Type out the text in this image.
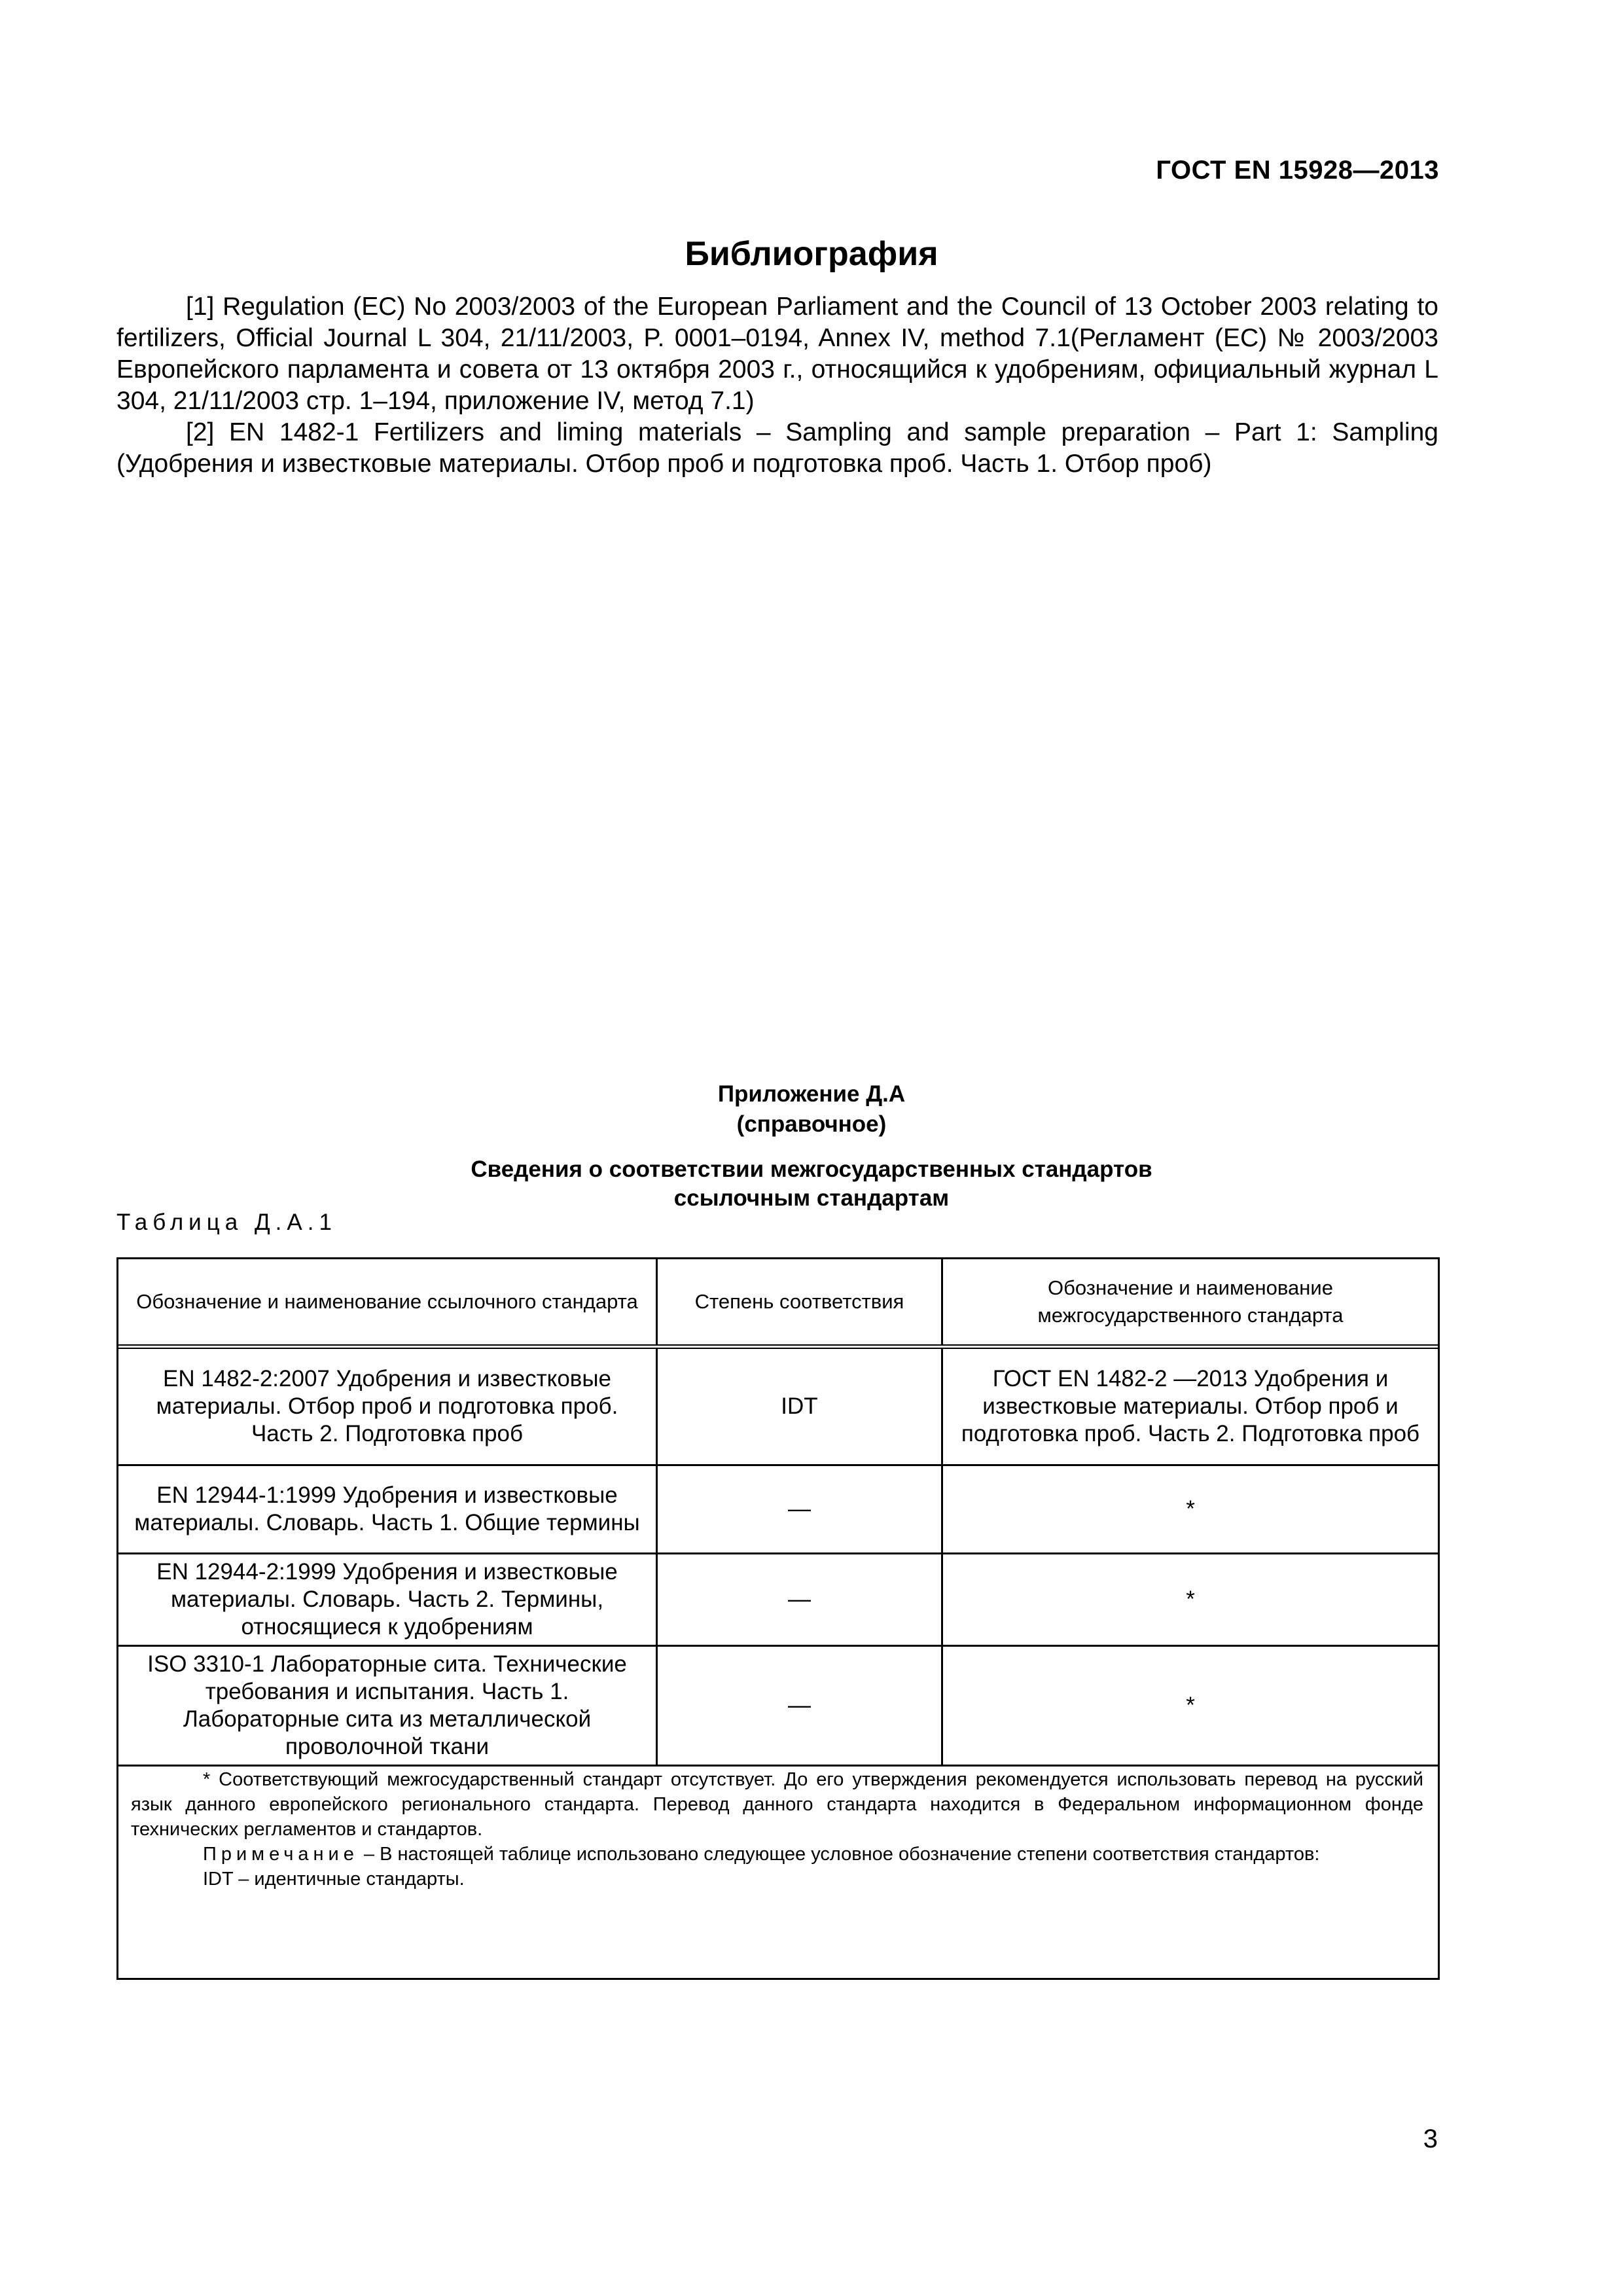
ГОСТ EN 15928—2013
Библиография

[1] Regulation (EC) No 2003/2003 of the European Parliament and the Council of 13 October 2003 relating to fertilizers, Official Journal L 304, 21/11/2003, P. 0001–0194, Annex IV, method 7.1(Регламент (ЕС) № 2003/2003 Европейского парламента и совета от 13 октября 2003 г., относящийся к удобрениям, официальный журнал L 304, 21/11/2003 стр. 1–194, приложение IV, метод 7.1)

[2] EN 1482-1 Fertilizers and liming materials – Sampling and sample preparation – Part 1: Sampling (Удобрения и известковые материалы. Отбор проб и подготовка проб. Часть 1. Отбор проб)

Приложение Д.А
(справочное)
Сведения о соответствии межгосударственных стандартов
ссылочным стандартам
Таблица Д.А.1
Обозначение и наименование ссылочного стандарта	Степень соответствия	Обозначение и наименование межгосударственного стандарта
EN 1482-2:2007 Удобрения и известковые материалы. Отбор проб и подготовка проб. Часть 2. Подготовка проб	IDT	ГОСТ EN 1482-2 —2013 Удобрения и известковые материалы. Отбор проб и подготовка проб. Часть 2. Подготовка проб
EN 12944-1:1999 Удобрения и известковые материалы. Словарь. Часть 1. Общие термины	—	*
EN 12944-2:1999 Удобрения и известковые материалы. Словарь. Часть 2. Термины, относящиеся к удобрениям	—	*
ISO 3310-1 Лабораторные сита. Технические требования и испытания. Часть 1. Лабораторные сита из металлической проволочной ткани	—	*

* Соответствующий межгосударственный стандарт отсутствует. До его утверждения рекомендуется использовать перевод на русский язык данного европейского регионального стандарта. Перевод данного стандарта находится в Федеральном информационном фонде технических регламентов и стандартов.

Примечание – В настоящей таблице использовано следующее условное обозначение степени соответствия стандартов:

IDT – идентичные стандарты.

3
